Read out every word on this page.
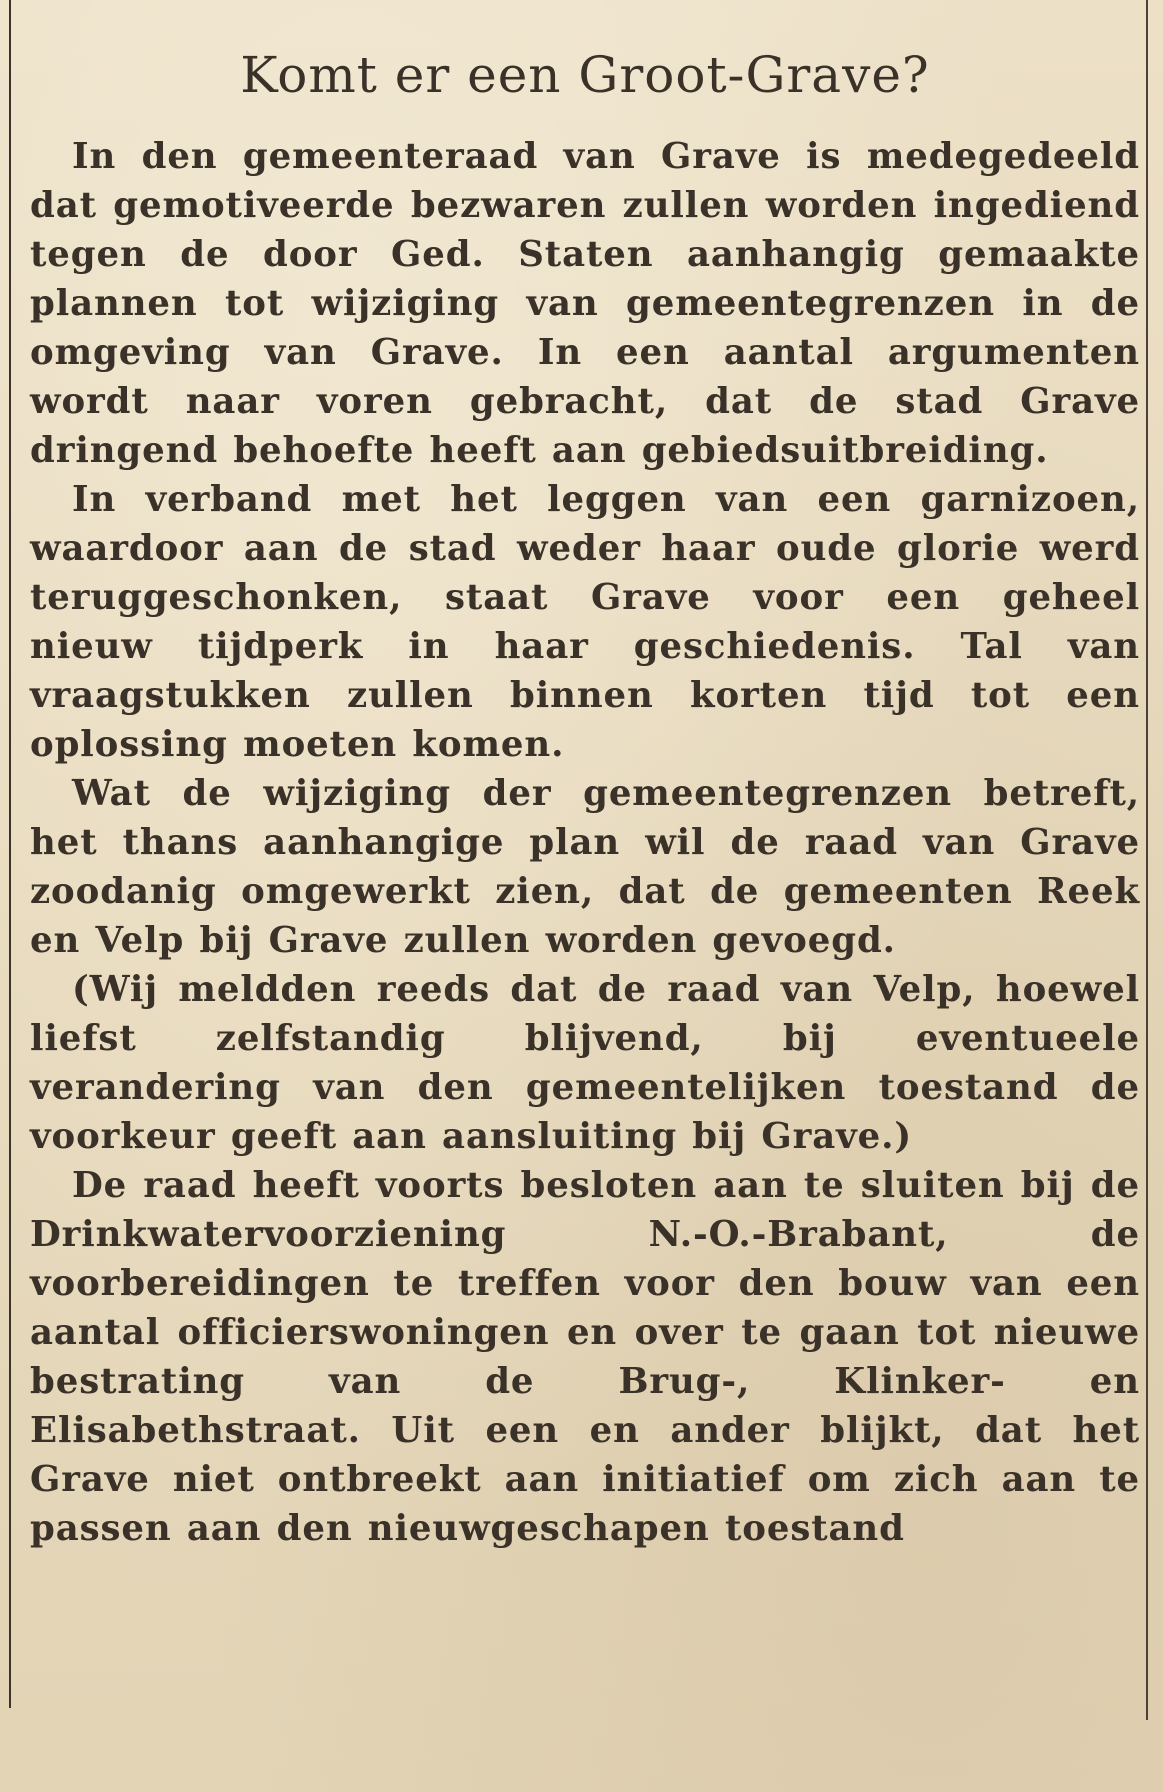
Komt er een Groot-Grave?

In den gemeenteraad van Grave is medegedeeld dat gemotiveerde bezwaren zullen worden ingediend tegen de door Ged. Staten aanhangig gemaakte plannen tot wijziging van gemeentegrenzen in de omgeving van Grave. In een aantal argumenten wordt naar voren gebracht, dat de stad Grave dringend behoefte heeft aan gebiedsuitbreiding.

In verband met het leggen van een garnizoen, waardoor aan de stad weder haar oude glorie werd teruggeschonken, staat Grave voor een geheel nieuw tijdperk in haar geschiedenis. Tal van vraagstukken zullen binnen korten tijd tot een oplossing moeten komen.

Wat de wijziging der gemeentegrenzen betreft, het thans aanhangige plan wil de raad van Grave zoodanig omgewerkt zien, dat de gemeenten Reek en Velp bij Grave zullen worden gevoegd.

(Wij meldden reeds dat de raad van Velp, hoewel liefst zelfstandig blijvend, bij eventueele verandering van den gemeentelijken toestand de voorkeur geeft aan aansluiting bij Grave.)

De raad heeft voorts besloten aan te sluiten bij de Drinkwatervoorziening N.-O.-Brabant, de voorbereidingen te treffen voor den bouw van een aantal officierswoningen en over te gaan tot nieuwe bestrating van de Brug-, Klinker- en Elisabethstraat. Uit een en ander blijkt, dat het Grave niet ontbreekt aan initiatief om zich aan te passen aan den nieuwgeschapen toestand
